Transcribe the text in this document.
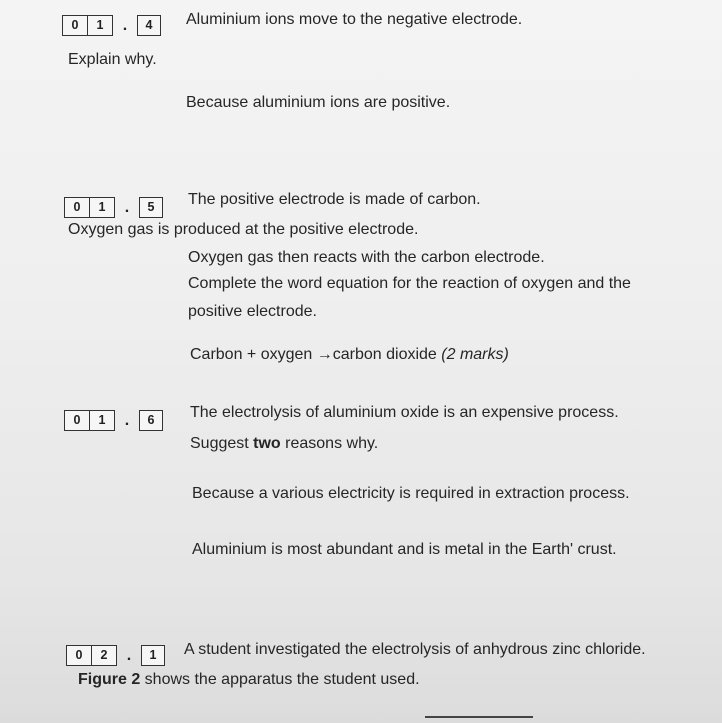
0	1	.	4	Aluminium ions move to the negative electrode.
Explain why.
Because aluminium ions are positive.
0	1	.	5	The positive electrode is made of carbon.
Oxygen gas is produced at the positive electrode.
Oxygen gas then reacts with the carbon electrode.
Complete the word equation for the reaction of oxygen and the
positive electrode.
Carbon + oxygen →carbon dioxide (2 marks)
0	1	.	6	The electrolysis of aluminium oxide is an expensive process.
Suggest two reasons why.
Because a various electricity is required in extraction process.
Aluminium is most abundant and is metal in the Earth' crust.
0	2	.	1	A student investigated the electrolysis of anhydrous zinc chloride.
Figure 2 shows the apparatus the student used.
